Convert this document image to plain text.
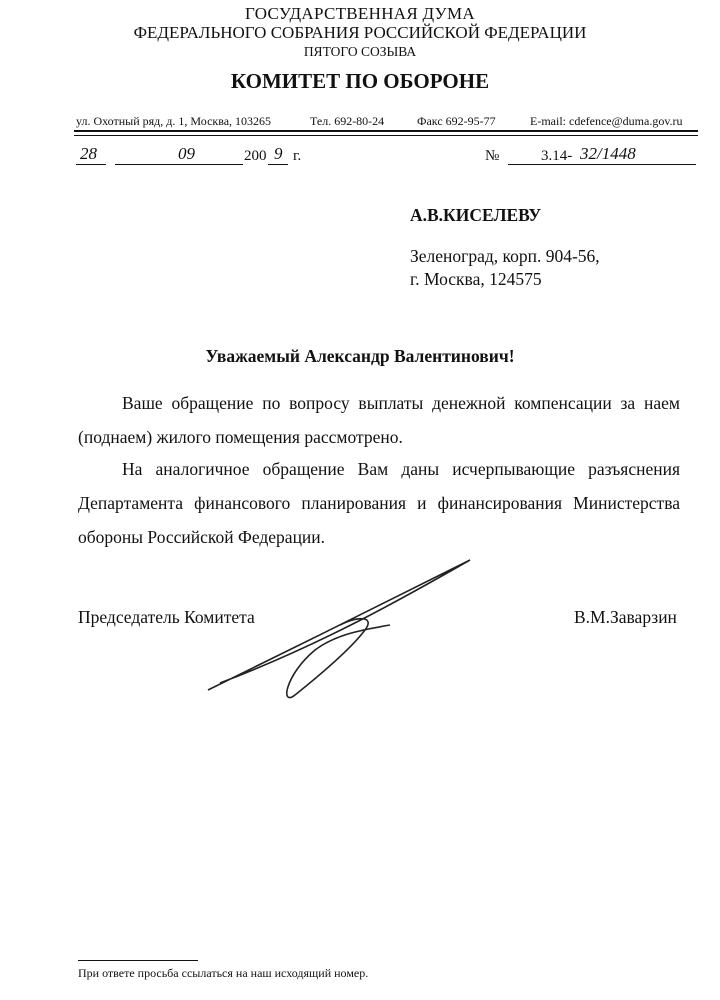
ГОСУДАРСТВЕННАЯ ДУМА
ФЕДЕРАЛЬНОГО СОБРАНИЯ РОССИЙСКОЙ ФЕДЕРАЦИИ
ПЯТОГО СОЗЫВА
КОМИТЕТ ПО ОБОРОНЕ
ул. Охотный ряд, д. 1, Москва, 103265	Тел. 692-80-24	Факс 692-95-77	E-mail: cdefence@duma.gov.ru
28	09	200 9 г.	№	3.14- 32/1448
А.В.КИСЕЛЕВУ
Зеленоград, корп. 904-56,
г. Москва, 124575
Уважаемый Александр Валентинович!
Ваше обращение по вопросу выплаты денежной компенсации за наем (поднаем) жилого помещения рассмотрено.
На аналогичное обращение Вам даны исчерпывающие разъяснения Департамента финансового планирования и финансирования Министерства обороны Российской Федерации.
Председатель Комитета	В.М.Заварзин
При ответе просьба ссылаться на наш исходящий номер.
